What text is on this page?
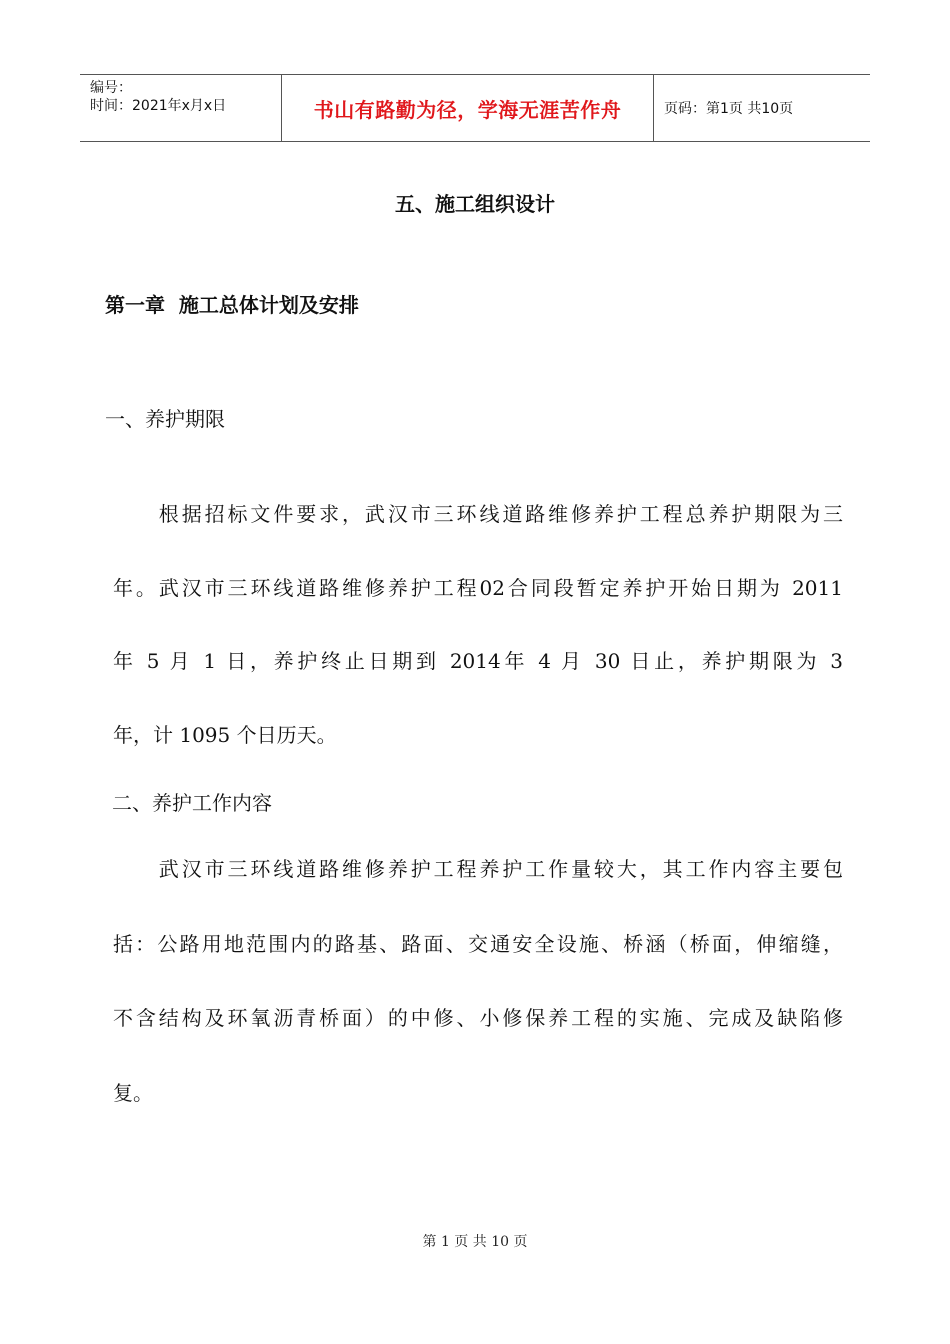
编号：
时间：2021年x月x日	书山有路勤为径，学海无涯苦作舟	页码：第1页 共10页
五、施工组织设计
第一章  施工总体计划及安排
一、养护期限
　　根据招标文件要求，武汉市三环线道路维修养护工程总养护期限为三
年。武汉市三环线道路维修养护工程02合同段暂定养护开始日期为 2011
年 5 月 1 日，养护终止日期到 2014年 4 月 30 日止，养护期限为 3
年，计 1095 个日历天。
二、养护工作内容
　　武汉市三环线道路维修养护工程养护工作量较大，其工作内容主要包
括：公路用地范围内的路基、路面、交通安全设施、桥涵（桥面，伸缩缝，
不含结构及环氧沥青桥面）的中修、小修保养工程的实施、完成及缺陷修
复。
第 1 页 共 10 页
